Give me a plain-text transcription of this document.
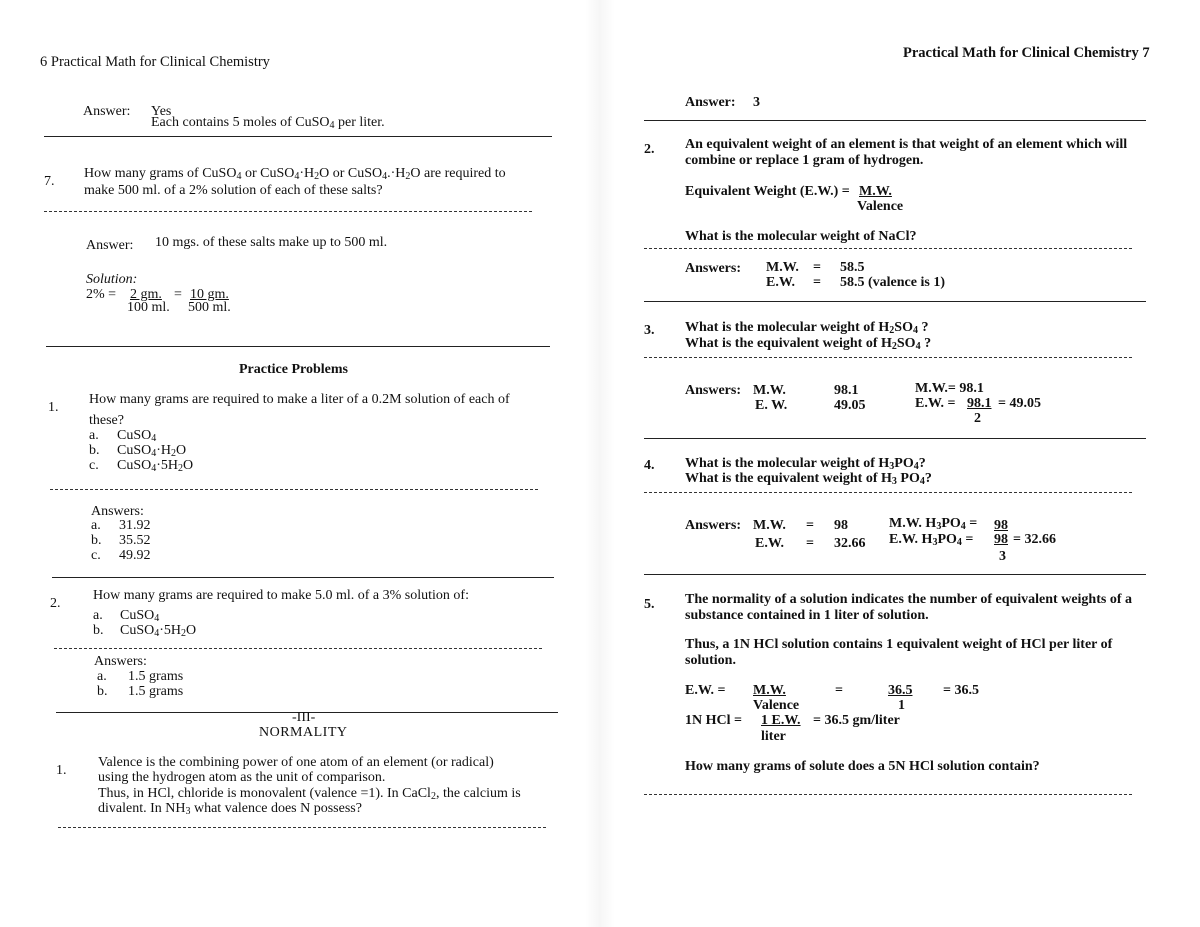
6 Practical Math for Clinical Chemistry
Answer: Yes
Each contains 5 moles of CuSO$_4$ per liter.
7.
How many grams of CuSO$_4$ or $CuSO_4\cdot H_2O$ or $CuSO_4.\cdot H_2O$ are required to
make 500 ml. of a 2% solution of each of these salts?
Answer: 10 mgs. of these salts make up to 500 ml.
Solution:
2% = 2 gm.
100 ml.
= 10 gm.
500 ml.
Practice Problems
1.
How many grams are required to make a liter of a 0.2M solution of each of
these?
a. CuSO$_4$
b. $CuSO_4\cdot H_2O$
c. $CuSO_4\cdot 5H_2O$
Answers:
a. 31.92
b. 35.52
c. 49.92
2.
How many grams are required to make 5.0 ml. of a 3% solution of:
a. CuSO$_4$
b. $CuSO_4\cdot 5H_2O$
Answers:
a. 1.5 grams
b. 1.5 grams
-III-
NORMALITY
1.
Valence is the combining power of one atom of an element (or radical)
using the hydrogen atom as the unit of comparison.
Thus, in HCl, chloride is monovalent (valence =1). In CaCl$_2$, the calcium is
divalent. In $NH_3$ what valence does N possess?
Practical Math for Clinical Chemistry 7
Answer: 3
2. An equivalent weight of an element is that weight of an element which will
combine or replace 1 gram of hydrogen.
Equivalent Weight (E.W.) = M.W.
Valence
What is the molecular weight of NaCl?
Answers: M.W. = 58.5
E.W. = 58.5 (valence is 1)
3. What is the molecular weight of $H_2SO_4$ ?
What is the equivalent weight of $H_2SO_4$ ?
Answers: M.W.	98.1	M.W.= 98.1
E. W.	49.05	E.W. = 98.1 = 49.05
2
4. What is the molecular weight of $H_3PO_4$?
What is the equivalent weight of $H_3$ $PO_4$?
Answers: M.W. = 98	M.W. $H_3PO_4 = 98$
E.W. = 32.66 E.W. $H_3PO_4 = 98 = 32.66$
3
5. The normality of a solution indicates the number of equivalent weights of a
substance contained in 1 liter of solution.
Thus, a 1N HCl solution contains 1 equivalent weight of HCl per liter of
solution.
E.W. = M.W.
Valence
=	36.5
1
= 36.5
1N HCl = 1 E.W.
liter
= 36.5 gm/liter
How many grams of solute does a 5N HCl solution contain?
